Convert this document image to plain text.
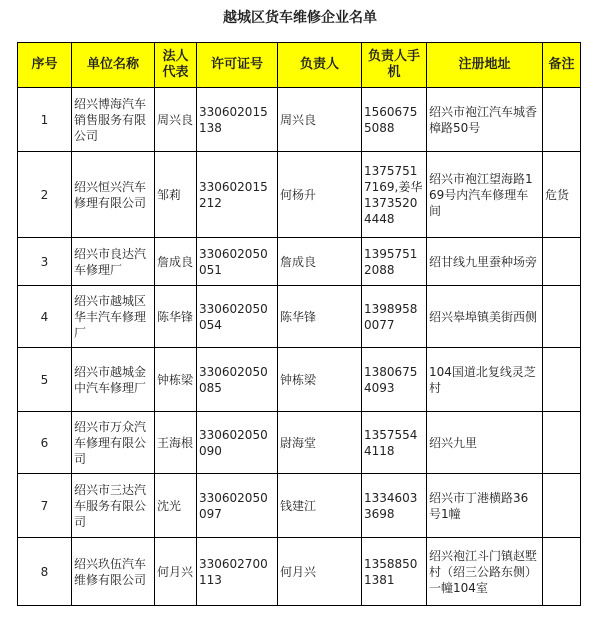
越城区货车维修企业名单
序号	单位名称	法人代表	许可证号	负责人	负责人手机	注册地址	备注
1	绍兴博海汽车销售服务有限公司	周兴良	330602015138	周兴良	15606755088	绍兴市袍江汽车城香樟路50号	
2	绍兴恒兴汽车修理有限公司	邹莉	330602015212	何杨升	13757517169,姜华13735204448	绍兴市袍江望海路169号内汽车修理车间	危货
3	绍兴市良达汽车修理厂	詹成良	330602050051	詹成良	13957512088	绍甘线九里蚕种场旁	
4	绍兴市越城区华丰汽车修理厂	陈华锋	330602050054	陈华锋	13989580077	绍兴皋埠镇美街西侧	
5	绍兴市越城金中汽车修理厂	钟栋梁	330602050085	钟栋梁	13806754093	104国道北复线灵芝村	
6	绍兴市万众汽车修理有限公司	王海根	330602050090	尉海堂	13575544118	绍兴九里	
7	绍兴市三达汽车服务有限公司	沈光	330602050097	钱建江	13346033698	绍兴市丁港横路36号1幢	
8	绍兴玖伍汽车维修有限公司	何月兴	330602700113	何月兴	13588501381	绍兴袍江斗门镇赵墅村（绍三公路东侧）一幢104室	
